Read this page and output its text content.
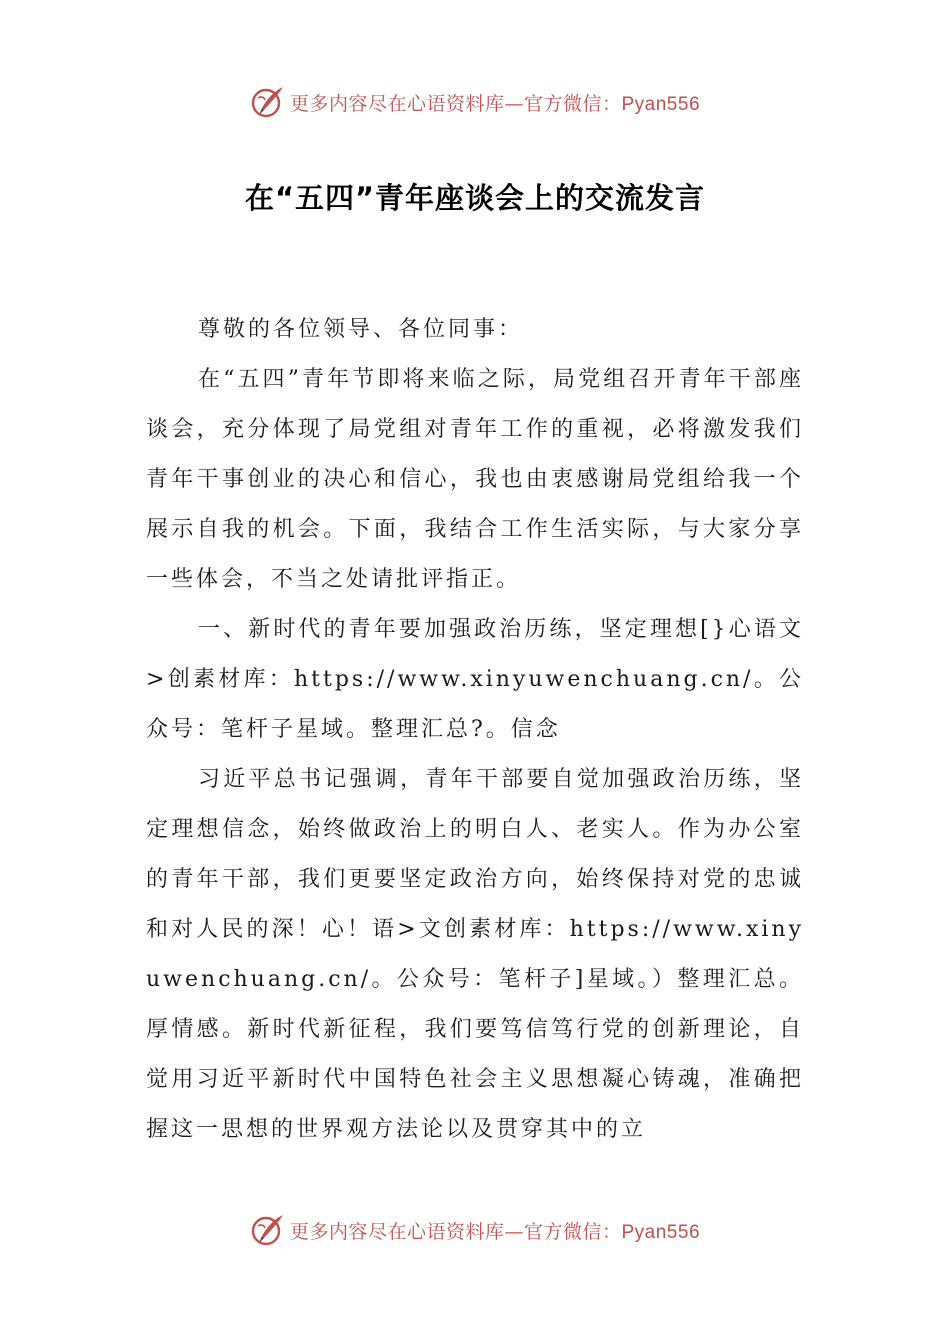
更多内容尽在心语资料库—官方微信：Pyan556
在“五四”青年座谈会上的交流发言

尊敬的各位领导、各位同事：

在“五四”青年节即将来临之际，局党组召开青年干部座谈会，充分体现了局党组对青年工作的重视，必将激发我们青年干事创业的决心和信心，我也由衷感谢局党组给我一个展示自我的机会。下面，我结合工作生活实际，与大家分享一些体会，不当之处请批评指正。

一、新时代的青年要加强政治历练，坚定理想[}心语文>创素材库：https://www.xinyuwenchuang.cn/。公众号：笔杆子星域。整理汇总?。信念

习近平总书记强调，青年干部要自觉加强政治历练，坚定理想信念，始终做政治上的明白人、老实人。作为办公室的青年干部，我们更要坚定政治方向，始终保持对党的忠诚和对人民的深！心！语>文创素材库：https://www.xinyuwenchuang.cn/。公众号：笔杆子]星域。）整理汇总。厚情感。新时代新征程，我们要笃信笃行党的创新理论，自觉用习近平新时代中国特色社会主义思想凝心铸魂，准确把握这一思想的世界观方法论以及贯穿其中的立

更多内容尽在心语资料库—官方微信：Pyan556
